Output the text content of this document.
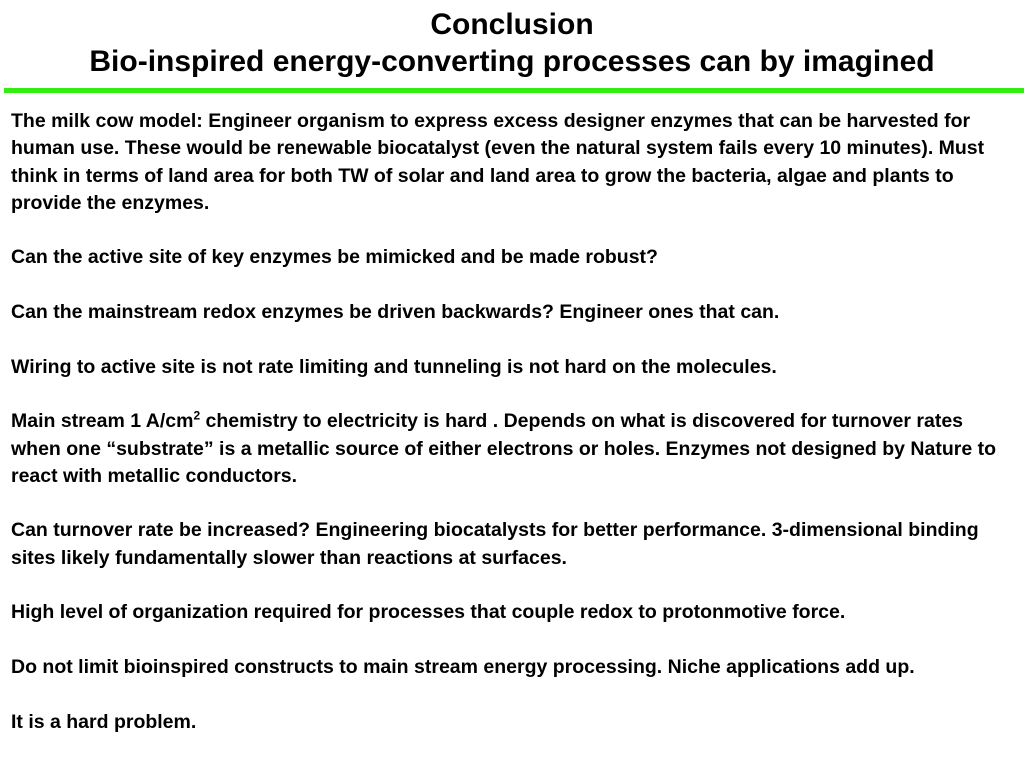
Conclusion
Bio-inspired energy-converting processes can by imagined

The milk cow model: Engineer organism to express excess designer enzymes that can be harvested for human use. These would be renewable biocatalyst (even the natural system fails every 10 minutes). Must think in terms of land area for both TW of solar and land area to grow the bacteria, algae and plants to provide the enzymes.

Can the active site of key enzymes be mimicked and be made robust?

Can the mainstream redox enzymes be driven backwards? Engineer ones that can.

Wiring to active site is not rate limiting and tunneling is not hard on the molecules.

Main stream 1 $A/cm^2$ chemistry to electricity is hard . Depends on what is discovered for turnover rates when one “substrate” is a metallic source of either electrons or holes. Enzymes not designed by Nature to react with metallic conductors.

Can turnover rate be increased? Engineering biocatalysts for better performance. 3-dimensional binding sites likely fundamentally slower than reactions at surfaces.

High level of organization required for processes that couple redox to protonmotive force.

Do not limit bioinspired constructs to main stream energy processing. Niche applications add up.

It is a hard problem.
